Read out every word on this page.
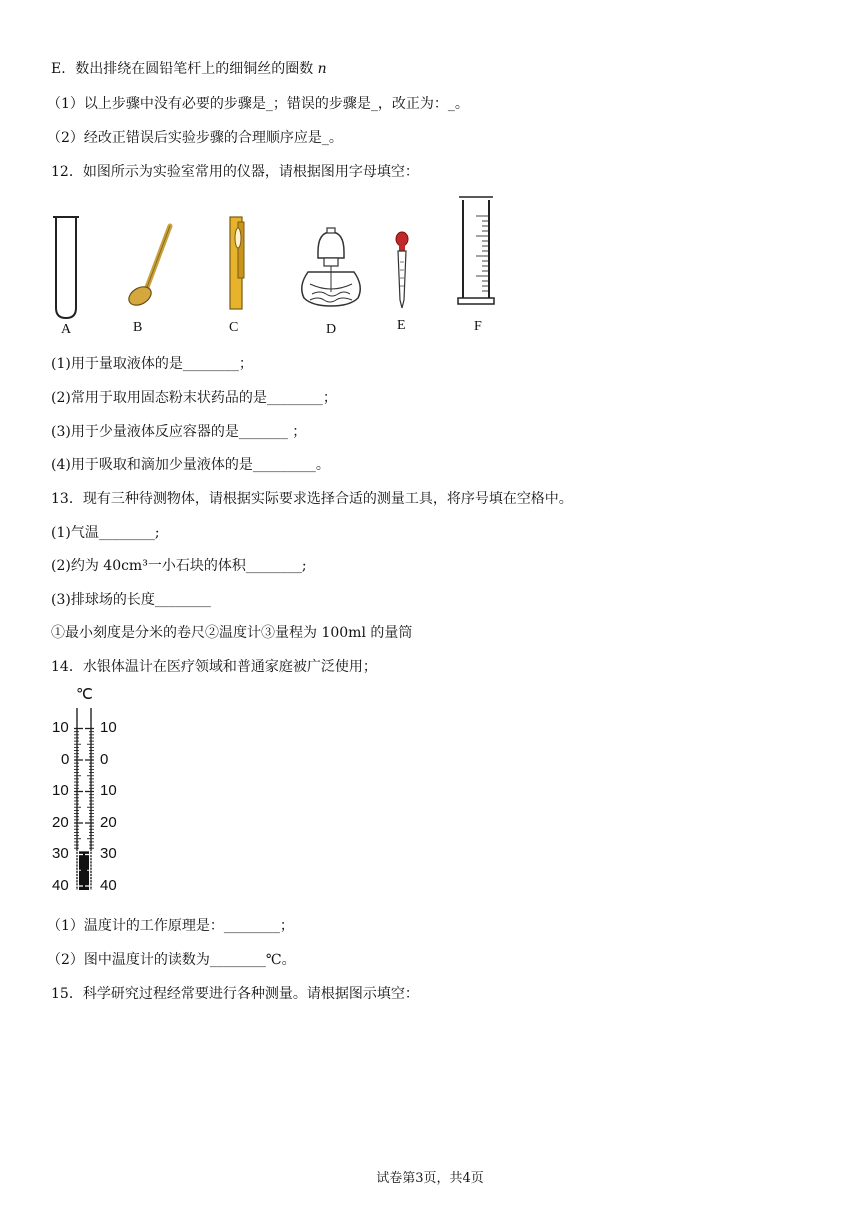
E．数出排绕在圆铅笔杆上的细铜丝的圈数 n
（1）以上步骤中没有必要的步骤是_；错误的步骤是_，改正为：_。
（2）经改正错误后实验步骤的合理顺序应是_。
12．如图所示为实验室常用的仪器，请根据图用字母填空：
A	B	C	D	E	F
(1)用于量取液体的是________；
(2)常用于取用固态粉末状药品的是________；
(3)用于少量液体反应容器的是_______ ；
(4)用于吸取和滴加少量液体的是_________。
13．现有三种待测物体，请根据实际要求选择合适的测量工具，将序号填在空格中。
(1)气温________;
(2)约为 40cm³一小石块的体积________;
(3)排球场的长度________
①最小刻度是分米的卷尺②温度计③量程为 100ml 的量筒
14．水银体温计在医疗领域和普通家庭被广泛使用；
℃
10
0
10
20
30
40
10
0
10
20
30
40
（1）温度计的工作原理是：________；
（2）图中温度计的读数为________℃。
15．科学研究过程经常要进行各种测量。请根据图示填空：
试卷第3页，共4页
